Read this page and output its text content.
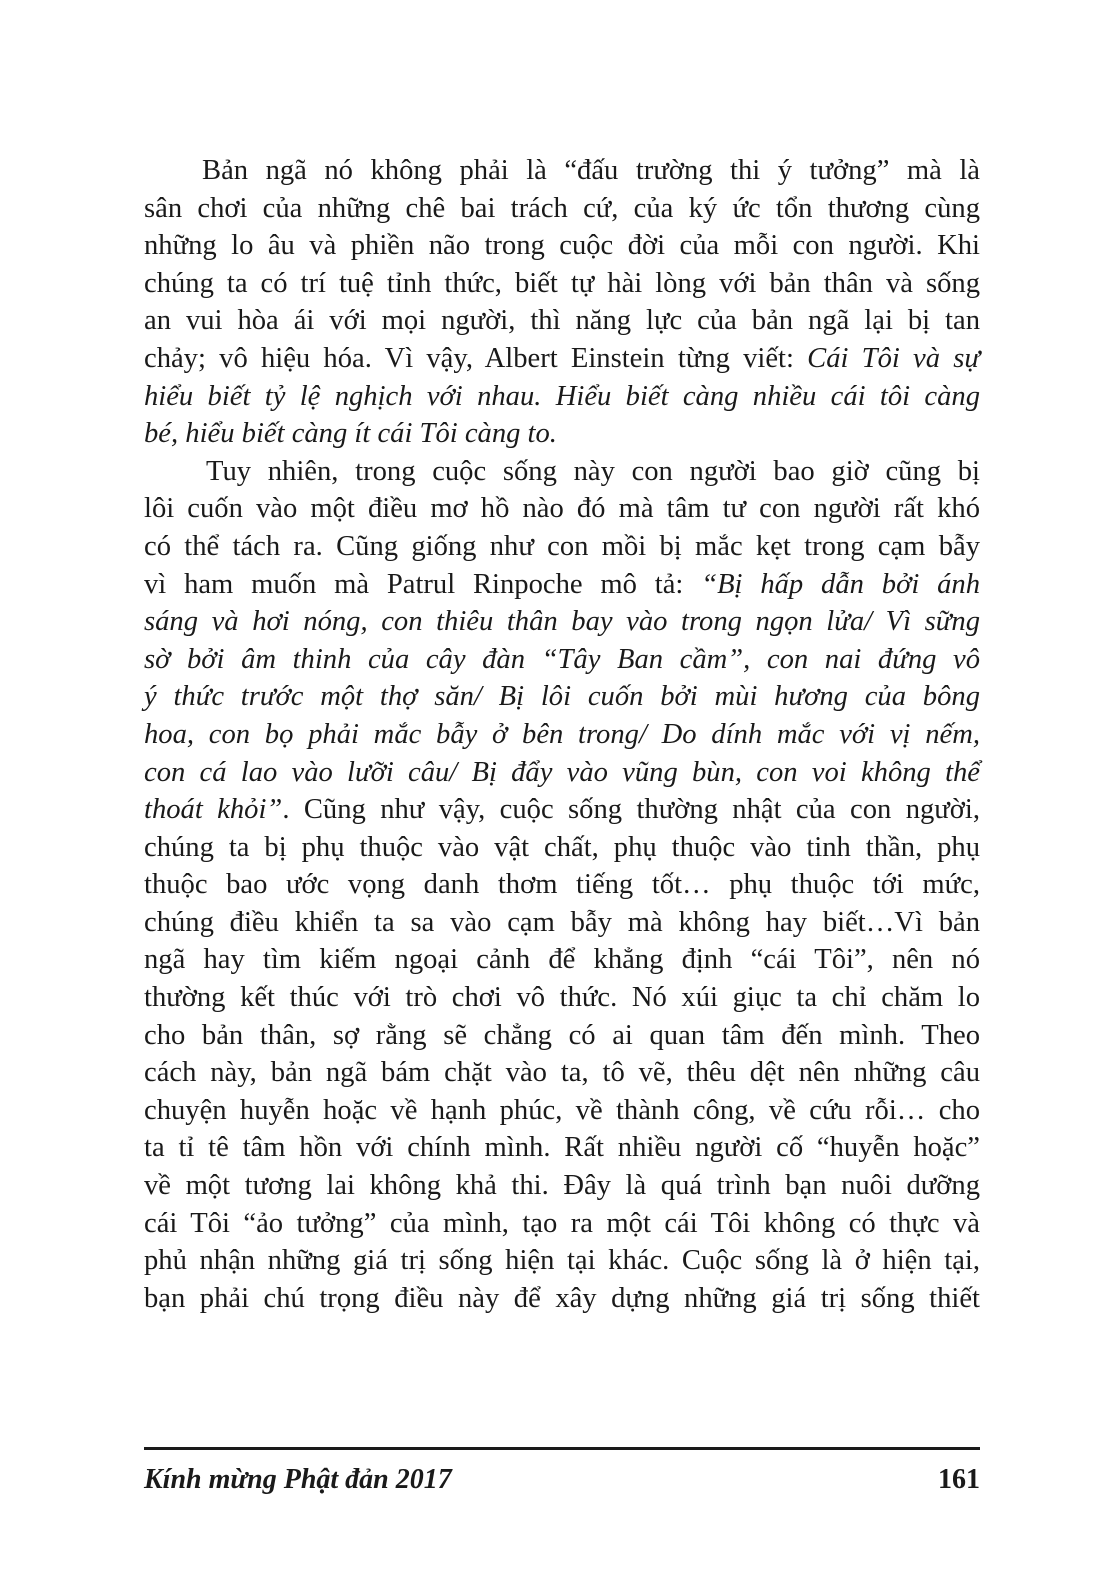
Bản ngã nó không phải là “đấu trường thi ý tưởng” mà là
sân chơi của những chê bai trách cứ, của ký ức tổn thương cùng
những lo âu và phiền não trong cuộc đời của mỗi con người. Khi
chúng ta có trí tuệ tỉnh thức, biết tự hài lòng với bản thân và sống
an vui hòa ái với mọi người, thì năng lực của bản ngã lại bị tan
chảy; vô hiệu hóa. Vì vậy, Albert Einstein từng viết: Cái Tôi và sự
hiểu biết tỷ lệ nghịch với nhau. Hiểu biết càng nhiều cái tôi càng
bé, hiểu biết càng ít cái Tôi càng to.
Tuy nhiên, trong cuộc sống này con người bao giờ cũng bị
lôi cuốn vào một điều mơ hồ nào đó mà tâm tư con người rất khó
có thể tách ra. Cũng giống như con mồi bị mắc kẹt trong cạm bẫy
vì ham muốn mà Patrul Rinpoche mô tả: “Bị hấp dẫn bởi ánh
sáng và hơi nóng, con thiêu thân bay vào trong ngọn lửa/ Vì sững
sờ bởi âm thinh của cây đàn “Tây Ban cầm”, con nai đứng vô
ý thức trước một thợ săn/ Bị lôi cuốn bởi mùi hương của bông
hoa, con bọ phải mắc bẫy ở bên trong/ Do dính mắc với vị nếm,
con cá lao vào lưỡi câu/ Bị đẩy vào vũng bùn, con voi không thể
thoát khỏi”. Cũng như vậy, cuộc sống thường nhật của con người,
chúng ta bị phụ thuộc vào vật chất, phụ thuộc vào tinh thần, phụ
thuộc bao ước vọng danh thơm tiếng tốt… phụ thuộc tới mức,
chúng điều khiển ta sa vào cạm bẫy mà không hay biết…Vì bản
ngã hay tìm kiếm ngoại cảnh để khẳng định “cái Tôi”, nên nó
thường kết thúc với trò chơi vô thức. Nó xúi giục ta chỉ chăm lo
cho bản thân, sợ rằng sẽ chẳng có ai quan tâm đến mình. Theo
cách này, bản ngã bám chặt vào ta, tô vẽ, thêu dệt nên những câu
chuyện huyễn hoặc về hạnh phúc, về thành công, về cứu rỗi… cho
ta tỉ tê tâm hồn với chính mình. Rất nhiều người cố “huyễn hoặc”
về một tương lai không khả thi. Đây là quá trình bạn nuôi dưỡng
cái Tôi “ảo tưởng” của mình, tạo ra một cái Tôi không có thực và
phủ nhận những giá trị sống hiện tại khác. Cuộc sống là ở hiện tại,
bạn phải chú trọng điều này để xây dựng những giá trị sống thiết
Kính mừng Phật đản 2017	161
